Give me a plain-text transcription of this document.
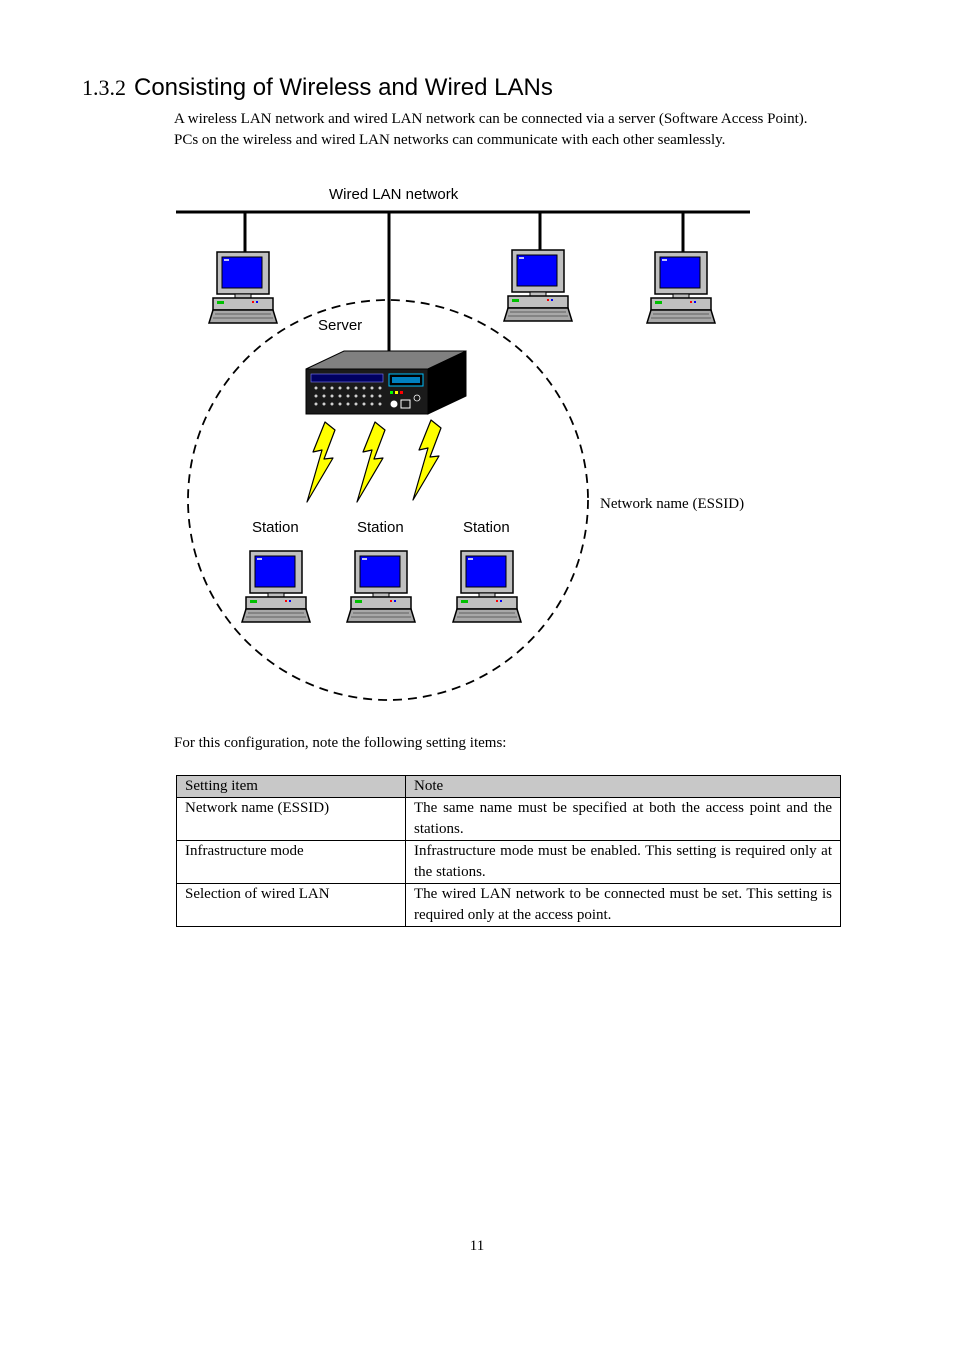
1.3.2 Consisting of Wireless and Wired LANs

A wireless LAN network and wired LAN network can be connected via a server (Software Access Point).

PCs on the wireless and wired LAN networks can communicate with each other seamlessly.

Wired LAN network
Server
Network name (ESSID)
Station	Station	Station

For this configuration, note the following setting items:

Setting item	Note
Network name (ESSID)	The same name must be specified at both the access point and the stations.
Infrastructure mode	Infrastructure mode must be enabled. This setting is required only at the stations.
Selection of wired LAN	The wired LAN network to be connected must be set. This setting is required only at the access point.
11
